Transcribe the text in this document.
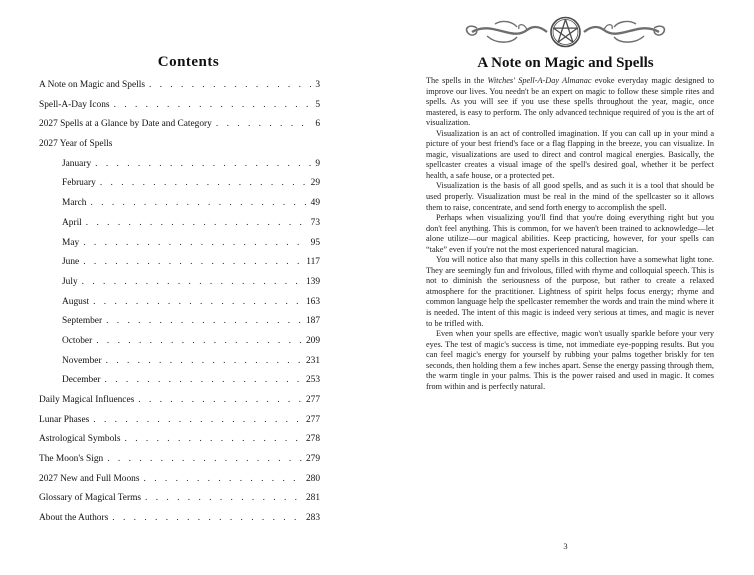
Contents
A Note on Magic and Spells . . .	3
Spell-A-Day Icons . . .	5
2027 Spells at a Glance by Date and Category . . .	6
2027 Year of Spells
January . . .	9
February . . .	29
March . . .	49
April . . .	73
May . . .	95
June . . .	117
July . . .	139
August . . .	163
September . . .	187
October . . .	209
November . . .	231
December . . .	253
Daily Magical Influences . . .	277
Lunar Phases . . .	277
Astrological Symbols . . .	278
The Moon's Sign . . .	279
2027 New and Full Moons . . .	280
Glossary of Magical Terms . . .	281
About the Authors . . .	283
A Note on Magic and Spells

The spells in the Witches' Spell-A-Day Almanac evoke everyday magic designed to improve our lives. You needn't be an expert on magic to follow these simple rites and spells. As you will see if you use these spells throughout the year, magic, once mastered, is easy to perform. The only advanced technique required of you is the art of visualization.

Visualization is an act of controlled imagination. If you can call up in your mind a picture of your best friend's face or a flag flapping in the breeze, you can visualize. In magic, visualizations are used to direct and control magical energies. Basically, the spellcaster creates a visual image of the spell's desired goal, whether it be perfect health, a safe house, or a protected pet.

Visualization is the basis of all good spells, and as such it is a tool that should be used properly. Visualization must be real in the mind of the spellcaster so it allows them to raise, concentrate, and send forth energy to accomplish the spell.

Perhaps when visualizing you'll find that you're doing everything right but you don't feel anything. This is common, for we haven't been trained to acknowledge—let alone utilize—our magical abilities. Keep practicing, however, for your spells can “take” even if you're not the most experienced natural magician.

You will notice also that many spells in this collection have a somewhat light tone. They are seemingly fun and frivolous, filled with rhyme and colloquial speech. This is not to diminish the seriousness of the purpose, but rather to create a relaxed atmosphere for the practitioner. Lightness of spirit helps focus energy; rhyme and common language help the spellcaster remember the words and train the mind where it is needed. The intent of this magic is indeed very serious at times, and magic is never to be trifled with.

Even when your spells are effective, magic won't usually sparkle before your very eyes. The test of magic's success is time, not immediate eye-popping results. But you can feel magic's energy for yourself by rubbing your palms together briskly for ten seconds, then holding them a few inches apart. Sense the energy passing through them, the warm tingle in your palms. This is the power raised and used in magic. It comes from within and is perfectly natural.

3
